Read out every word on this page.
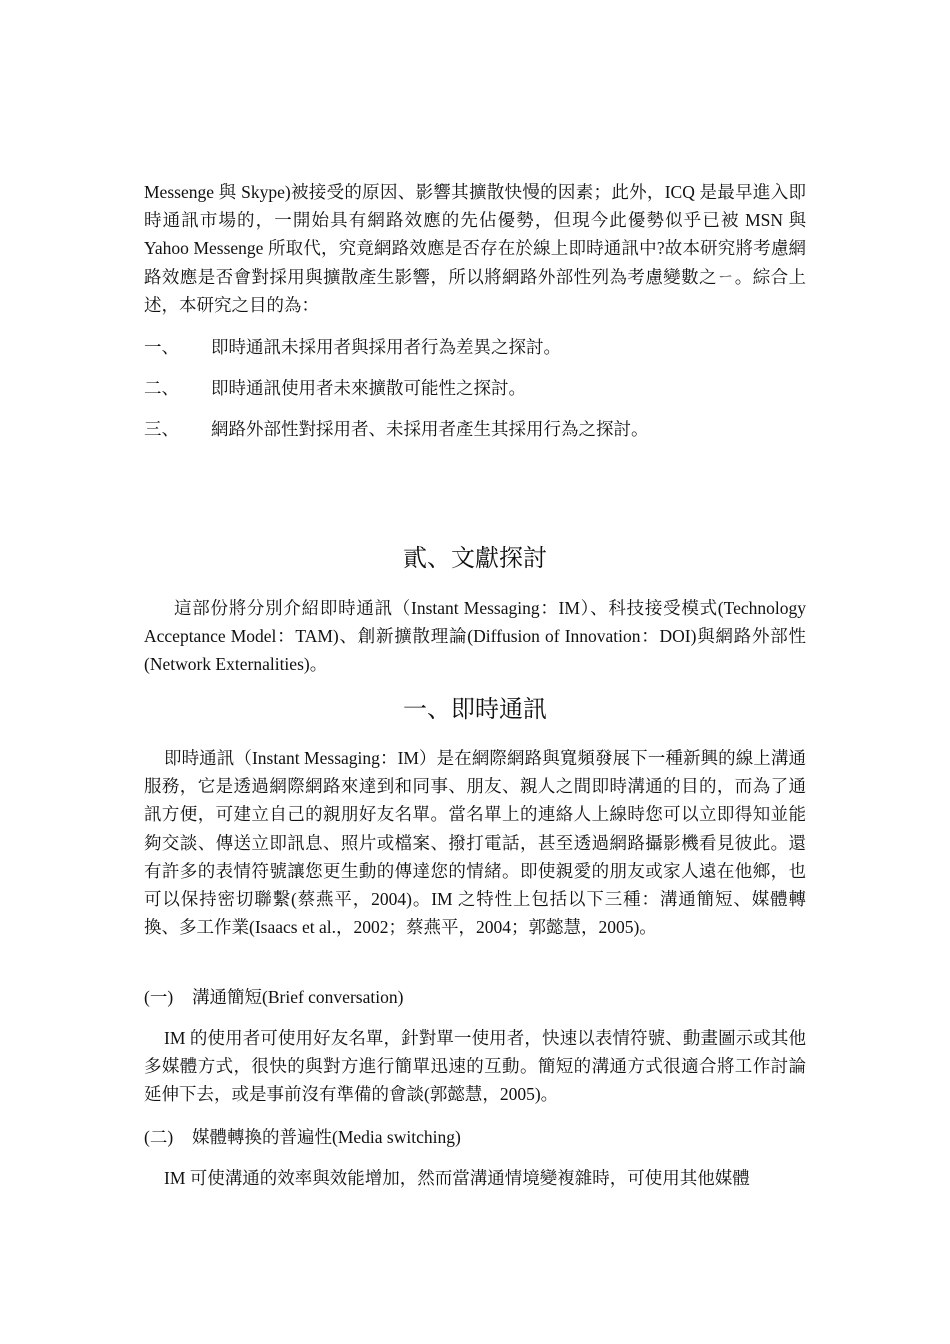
Messenge 與 Skype)被接受的原因、影響其擴散快慢的因素；此外，ICQ 是最早進入即時通訊市場的，一開始具有網路效應的先佔優勢，但現今此優勢似乎已被 MSN 與 Yahoo Messenge 所取代，究竟網路效應是否存在於線上即時通訊中?故本研究將考慮網路效應是否會對採用與擴散產生影響，所以將網路外部性列為考慮變數之ㄧ。綜合上述，本研究之目的為：

一、 即時通訊未採用者與採用者行為差異之探討。
二、 即時通訊使用者未來擴散可能性之探討。
三、 網路外部性對採用者、未採用者產生其採用行為之探討。
貳、文獻探討

這部份將分別介紹即時通訊（Instant Messaging：IM）、科技接受模式(Technology Acceptance Model：TAM)、創新擴散理論(Diffusion of Innovation：DOI)與網路外部性(Network Externalities)。

一、即時通訊

即時通訊（Instant Messaging：IM）是在網際網路與寬頻發展下一種新興的線上溝通服務，它是透過網際網路來達到和同事、朋友、親人之間即時溝通的目的，而為了通訊方便，可建立自己的親朋好友名單。當名單上的連絡人上線時您可以立即得知並能夠交談、傳送立即訊息、照片或檔案、撥打電話，甚至透過網路攝影機看見彼此。還有許多的表情符號讓您更生動的傳達您的情緒。即使親愛的朋友或家人遠在他鄉，也可以保持密切聯繫(蔡燕平，2004)。IM 之特性上包括以下三種：溝通簡短、媒體轉換、多工作業(Isaacs et al.，2002；蔡燕平，2004；郭懿慧，2005)。

(一) 溝通簡短(Brief conversation)

IM 的使用者可使用好友名單，針對單一使用者，快速以表情符號、動畫圖示或其他多媒體方式，很快的與對方進行簡單迅速的互動。簡短的溝通方式很適合將工作討論延伸下去，或是事前沒有準備的會談(郭懿慧，2005)。

(二) 媒體轉換的普遍性(Media switching)

IM 可使溝通的效率與效能增加，然而當溝通情境變複雜時，可使用其他媒體
